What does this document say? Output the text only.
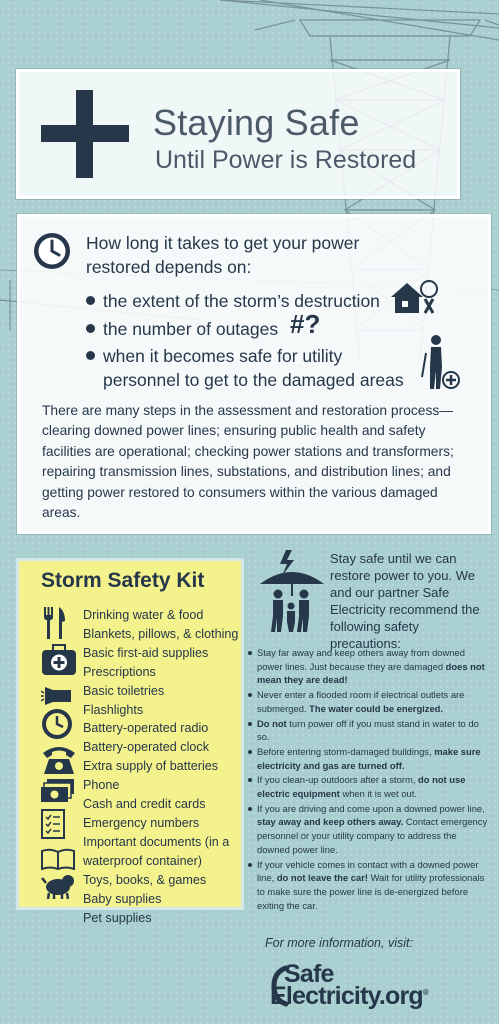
Staying Safe
Until Power is Restored
How long it takes to get your power restored depends on:
the extent of the storm’s destruction
the number of outages #?
when it becomes safe for utility
personnel to get to the damaged areas
There are many steps in the assessment and restoration process—clearing downed power lines; ensuring public health and safety facilities are operational; checking power stations and transformers; repairing transmission lines, substations, and distribution lines; and getting power restored to consumers within the various damaged areas.
Storm Safety Kit
Drinking water & food
Blankets, pillows, & clothing
Basic first-aid supplies
Prescriptions
Basic toiletries
Flashlights
Battery-operated radio
Battery-operated clock
Extra supply of batteries
Phone
Cash and credit cards
Emergency numbers
Important documents (in a waterproof container)
Toys, books, & games
Baby supplies
Pet supplies
Stay safe until we can restore power to you. We and our partner Safe Electricity recommend the following safety precautions:
Stay far away and keep others away from downed power lines. Just because they are damaged does not mean they are dead!
Never enter a flooded room if electrical outlets are submerged. The water could be energized.
Do not turn power off if you must stand in water to do so.
Before entering storm-damaged buildings, make sure electricity and gas are turned off.
If you clean-up outdoors after a storm, do not use electric equipment when it is wet out.
If you are driving and come upon a downed power line, stay away and keep others away. Contact emergency personnel or your utility company to address the downed power line.
If your vehicle comes in contact with a downed power line, do not leave the car! Wait for utility professionals to make sure the power line is de-energized before exiting the car.
For more information, visit:
Safe
Electricity.org®
